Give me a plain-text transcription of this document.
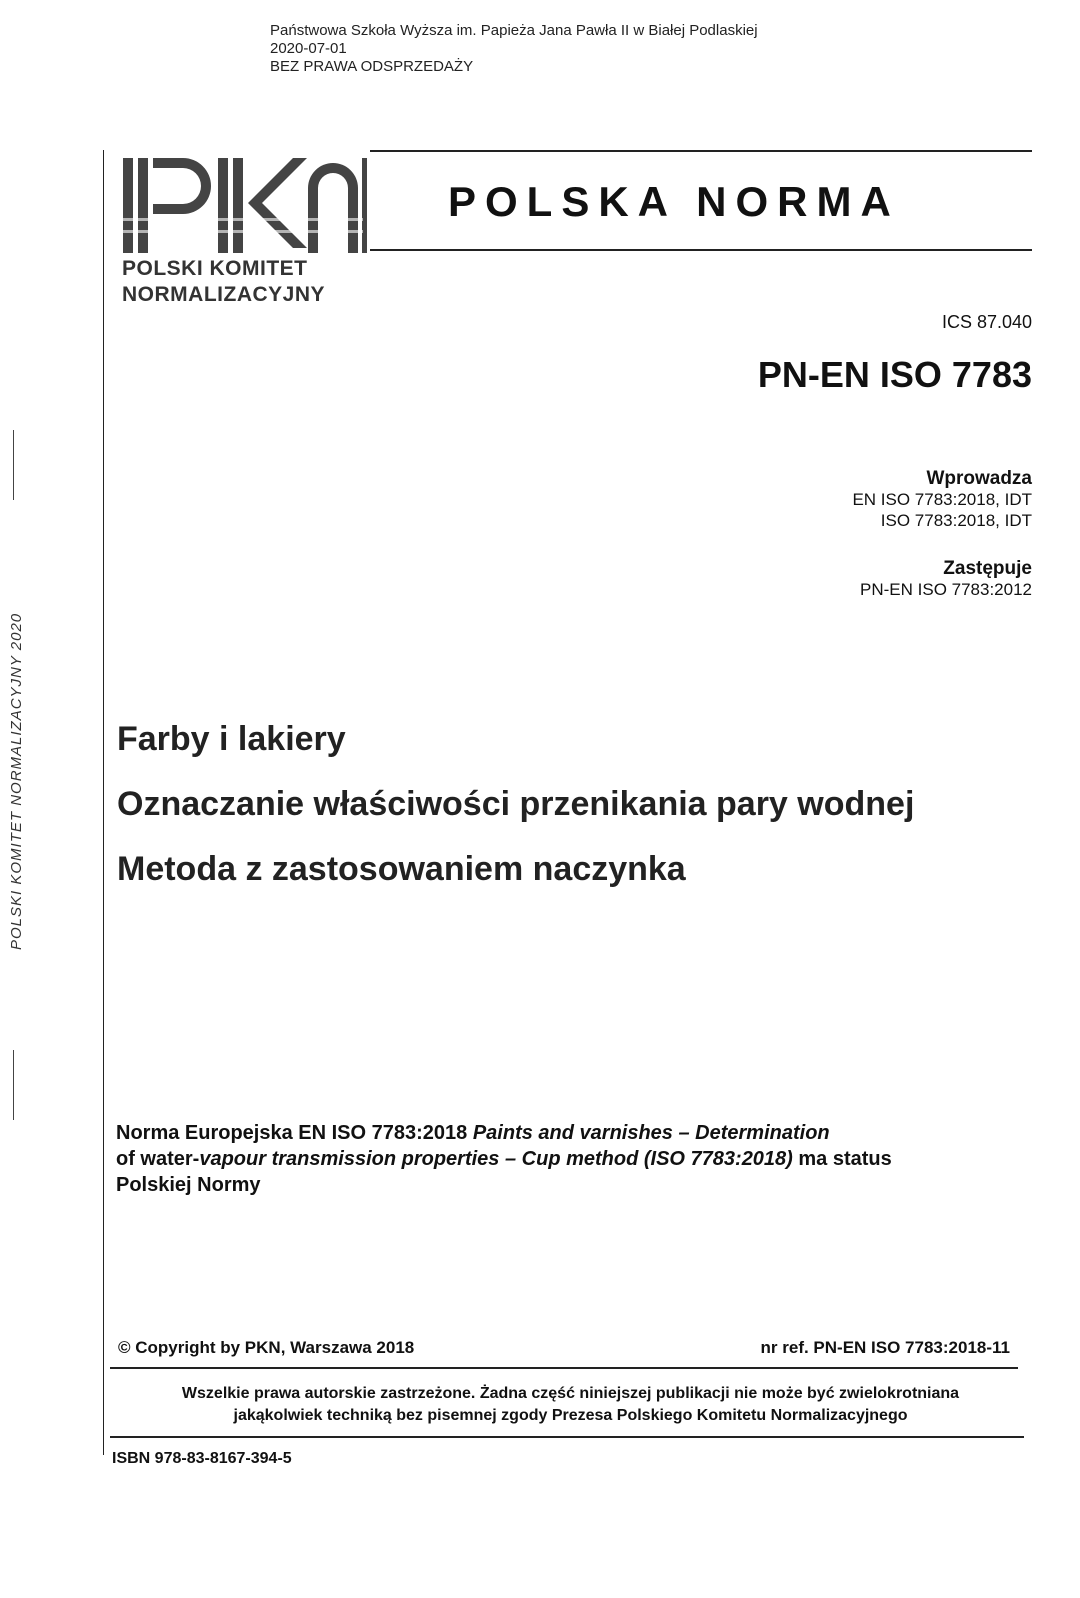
Państwowa Szkoła Wyższa im. Papieża Jana Pawła II w Białej Podlaskiej
2020-07-01
BEZ PRAWA ODSPRZEDAŻY
POLSKI KOMITET NORMALIZACYJNY 2020
POLSKI KOMITET
NORMALIZACYJNY
POLSKA NORMA
ICS 87.040
PN-EN ISO 7783
Wprowadza
EN ISO 7783:2018, IDT
ISO 7783:2018, IDT
Zastępuje
PN-EN ISO 7783:2012
Farby i lakiery
Oznaczanie właściwości przenikania pary wodnej
Metoda z zastosowaniem naczynka
Norma Europejska EN ISO 7783:2018 Paints and varnishes – Determination
of water-vapour transmission properties – Cup method (ISO 7783:2018) ma status
Polskiej Normy
© Copyright by PKN, Warszawa 2018	nr ref. PN-EN ISO 7783:2018-11
Wszelkie prawa autorskie zastrzeżone. Żadna część niniejszej publikacji nie może być zwielokrotniana
jakąkolwiek techniką bez pisemnej zgody Prezesa Polskiego Komitetu Normalizacyjnego
ISBN 978-83-8167-394-5
